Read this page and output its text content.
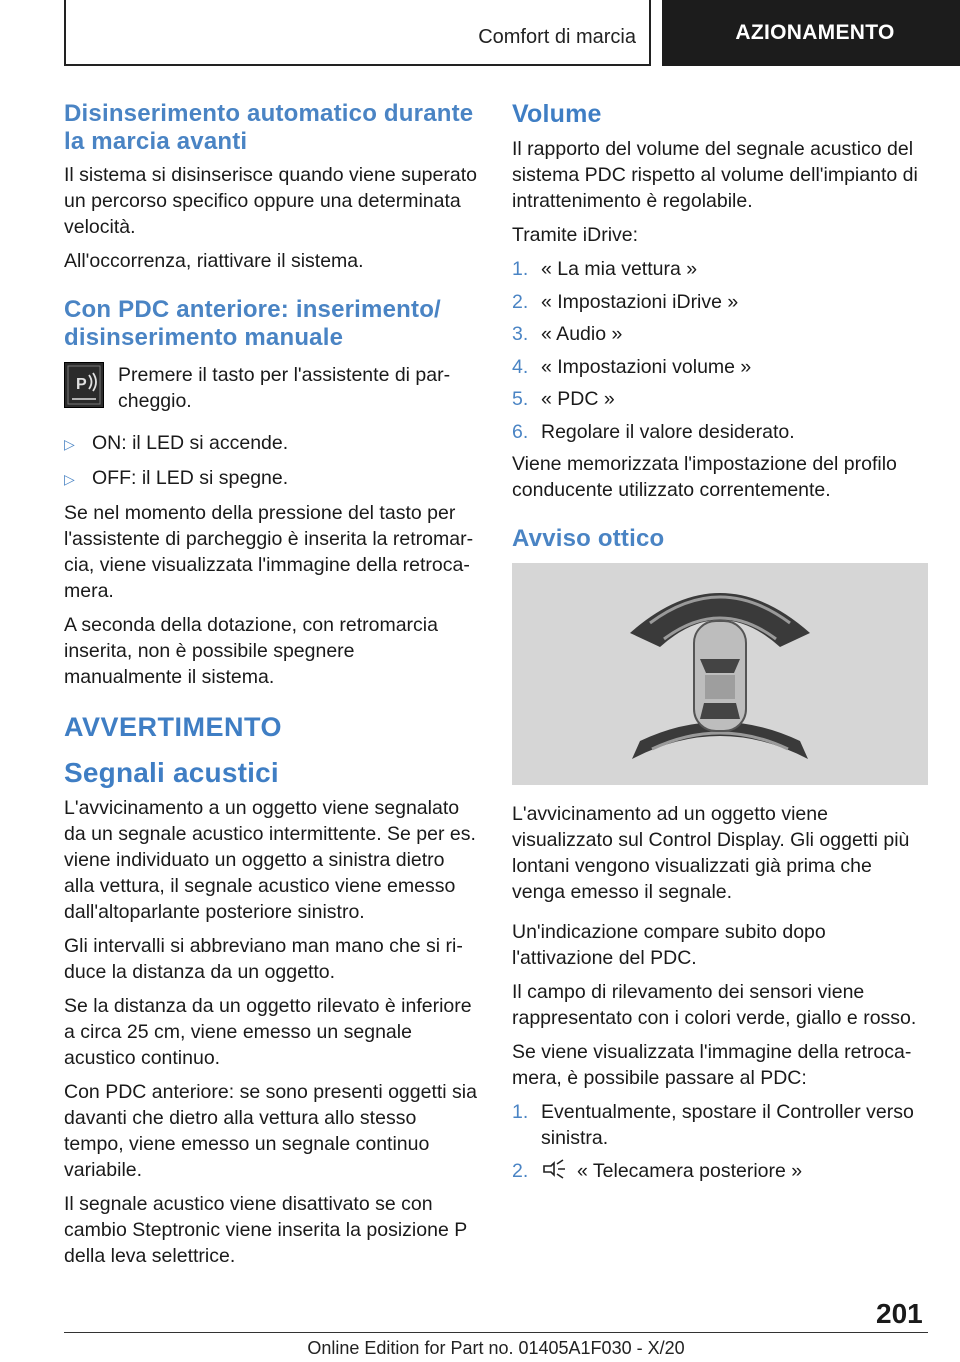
Comfort di marcia	AZIONAMENTO
Disinserimento automatico durante la marcia avanti

Il sistema si disinserisce quando viene superato un percorso specifico oppure una determinata velocità.

All'occorrenza, riattivare il sistema.

Con PDC anteriore: inserimento/ disinserimento manuale
P Premere il tasto per l'assistente di parcheggio.

▷ ON: il LED si accende.
▷ OFF: il LED si spegne.

Se nel momento della pressione del tasto per l'assistente di parcheggio è inserita la retromarcia, viene visualizzata l'immagine della retrocamera.

A seconda della dotazione, con retromarcia inserita, non è possibile spegnere manualmente il sistema.

AVVERTIMENTO
Segnali acustici

L'avvicinamento a un oggetto viene segnalato da un segnale acustico intermittente. Se per es. viene individuato un oggetto a sinistra dietro alla vettura, il segnale acustico viene emesso dall'altoparlante posteriore sinistro.

Gli intervalli si abbreviano man mano che si riduce la distanza da un oggetto.

Se la distanza da un oggetto rilevato è inferiore a circa 25 cm, viene emesso un segnale acustico continuo.

Con PDC anteriore: se sono presenti oggetti sia davanti che dietro alla vettura allo stesso tempo, viene emesso un segnale continuo variabile.

Il segnale acustico viene disattivato se con cambio Steptronic viene inserita la posizione P della leva selettrice.

Volume

Il rapporto del volume del segnale acustico del sistema PDC rispetto al volume dell'impianto di intrattenimento è regolabile.

Tramite iDrive:

1. « La mia vettura »
2. « Impostazioni iDrive »
3. « Audio »
4. « Impostazioni volume »
5. « PDC »
6. Regolare il valore desiderato.

Viene memorizzata l'impostazione del profilo conducente utilizzato correntemente.

Avviso ottico

L'avvicinamento ad un oggetto viene visualizzato sul Control Display. Gli oggetti più lontani vengono visualizzati già prima che venga emesso il segnale.

Un'indicazione compare subito dopo l'attivazione del PDC.

Il campo di rilevamento dei sensori viene rappresentato con i colori verde, giallo e rosso.

Se viene visualizzata l'immagine della retrocamera, è possibile passare al PDC:

1. Eventualmente, spostare il Controller verso sinistra.
2.	« Telecamera posteriore »
201
Online Edition for Part no. 01405A1F030 - X/20
